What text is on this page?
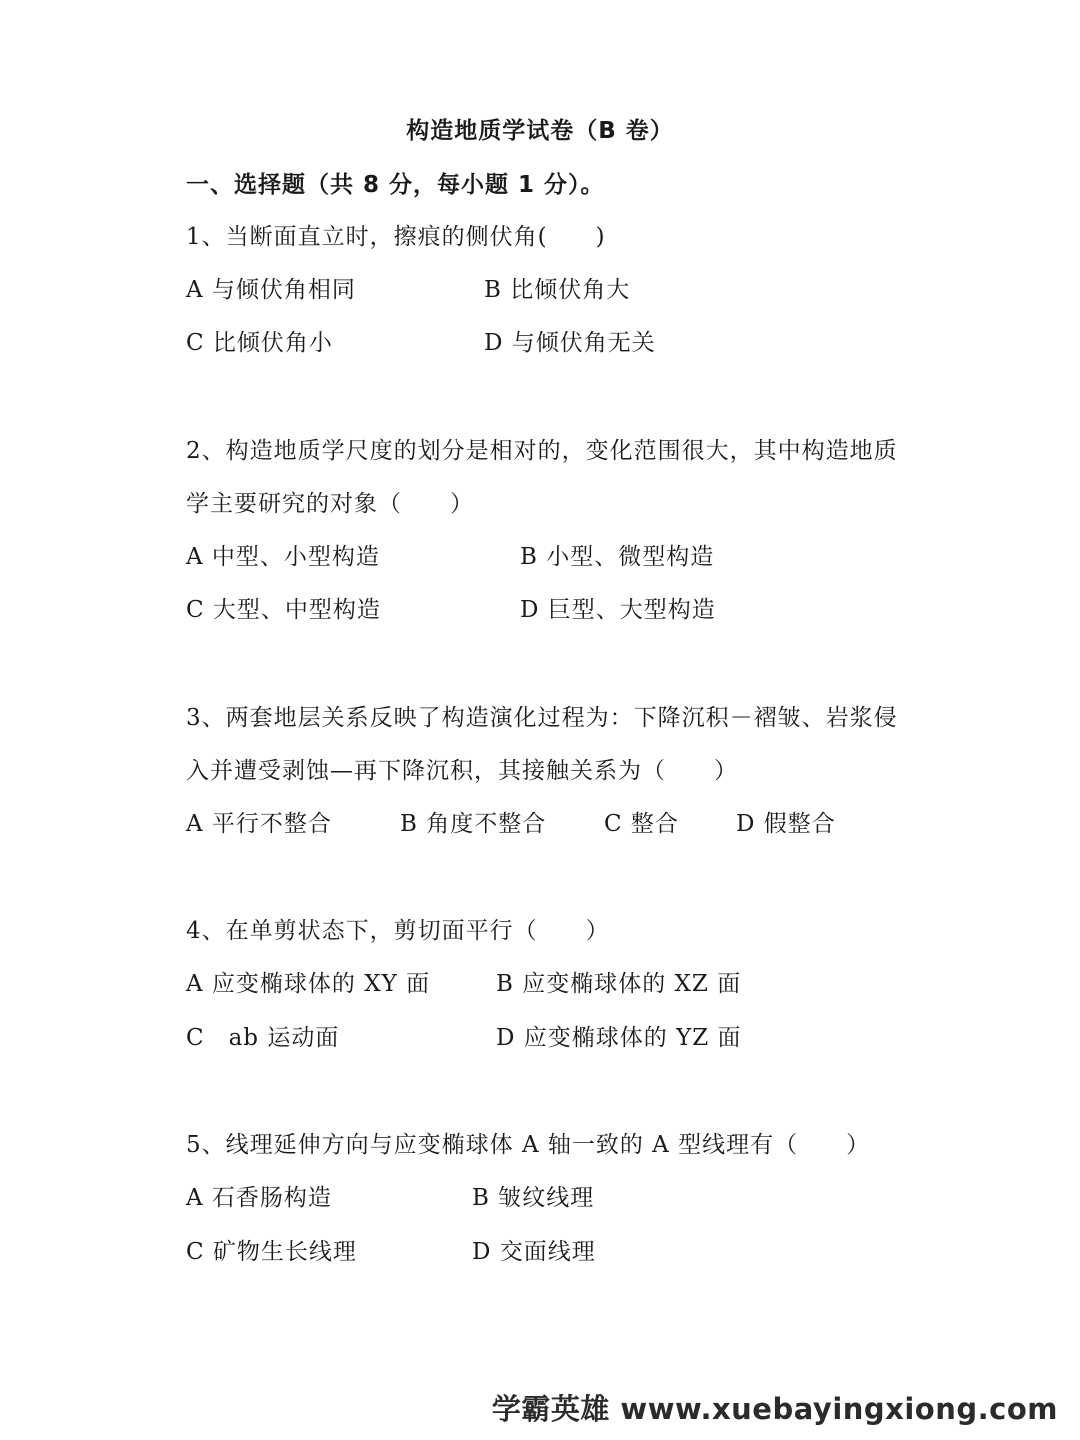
构造地质学试卷（B 卷）
一、选择题（共 8 分，每小题 1 分）。
1、当断面直立时，擦痕的侧伏角(　　)
A 与倾伏角相同	B 比倾伏角大
C 比倾伏角小	D 与倾伏角无关
2、构造地质学尺度的划分是相对的，变化范围很大，其中构造地质
学主要研究的对象（　　）
A 中型、小型构造	B 小型、微型构造
C 大型、中型构造	D 巨型、大型构造
3、两套地层关系反映了构造演化过程为：下降沉积－褶皱、岩浆侵
入并遭受剥蚀—再下降沉积，其接触关系为（　　）
A 平行不整合	B 角度不整合	C 整合 D 假整合
4、在单剪状态下，剪切面平行（　　）
A 应变椭球体的 XY 面	B 应变椭球体的 XZ 面
C　ab 运动面	D 应变椭球体的 YZ 面
5、线理延伸方向与应变椭球体 A 轴一致的 A 型线理有（　　）
A 石香肠构造	B 皱纹线理
C 矿物生长线理	D 交面线理
学霸英雄 www.xuebayingxiong.com
